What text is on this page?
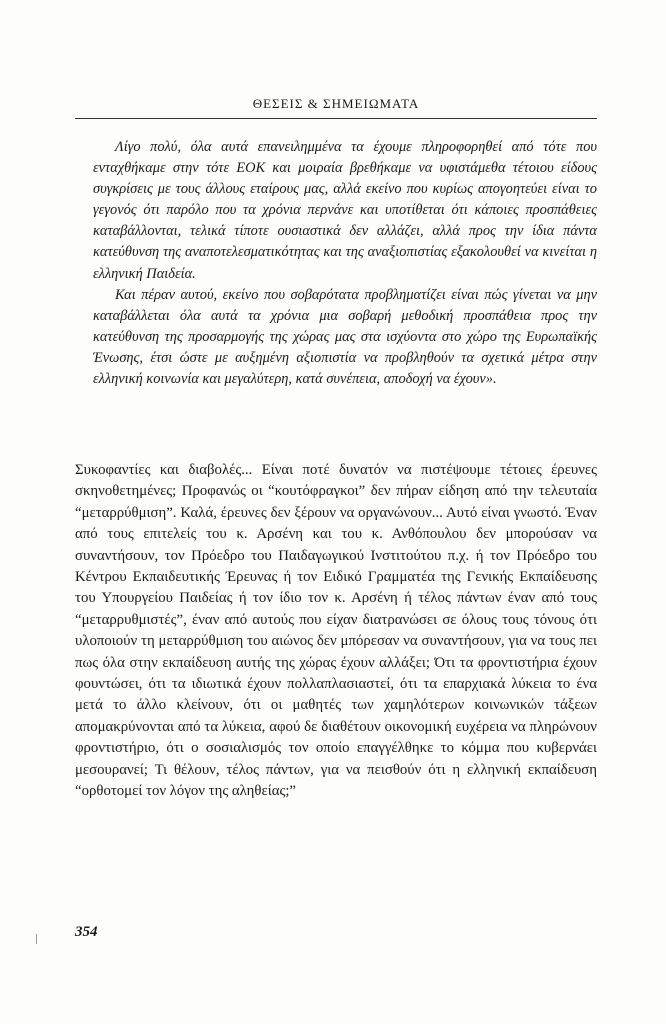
ΘΕΣΕΙΣ & ΣΗΜΕΙΩΜΑΤΑ

Λίγο πολύ, όλα αυτά επανειλημμένα τα έχουμε πληροφορηθεί από τότε που ενταχθήκαμε στην τότε ΕΟΚ και μοιραία βρεθήκαμε να υφιστάμεθα τέτοιου είδους συγκρίσεις με τους άλλους εταίρους μας, αλλά εκείνο που κυρίως απογοητεύει είναι το γεγονός ότι παρόλο που τα χρόνια περνάνε και υποτίθεται ότι κάποιες προσπάθειες καταβάλλονται, τελικά τίποτε ουσιαστικά δεν αλλάζει, αλλά προς την ίδια πάντα κατεύθυνση της αναποτελεσματικότητας και της αναξιοπιστίας εξακολουθεί να κινείται η ελληνική Παιδεία.

Και πέραν αυτού, εκείνο που σοβαρότατα προβληματίζει είναι πώς γίνεται να μην καταβάλλεται όλα αυτά τα χρόνια μια σοβαρή μεθοδική προσπάθεια προς την κατεύθυνση της προσαρμογής της χώρας μας στα ισχύοντα στο χώρο της Ευρωπαϊκής Ένωσης, έτσι ώστε με αυξημένη αξιοπιστία να προβληθούν τα σχετικά μέτρα στην ελληνική κοινωνία και μεγαλύτερη, κατά συνέπεια, αποδοχή να έχουν».

Συκοφαντίες και διαβολές... Είναι ποτέ δυνατόν να πιστέψουμε τέτοιες έρευνες σκηνοθετημένες; Προφανώς οι “κουτόφραγκοι” δεν πήραν είδηση από την τελευταία “μεταρρύθμιση”. Καλά, έρευνες δεν ξέρουν να οργανώνουν... Αυτό είναι γνωστό. Έναν από τους επιτελείς του κ. Αρσένη και του κ. Ανθόπουλου δεν μπορούσαν να συναντήσουν, τον Πρόεδρο του Παιδαγωγικού Ινστιτούτου π.χ. ή τον Πρόεδρο του Κέντρου Εκπαιδευτικής Έρευνας ή τον Ειδικό Γραμματέα της Γενικής Εκπαίδευσης του Υπουργείου Παιδείας ή τον ίδιο τον κ. Αρσένη ή τέλος πάντων έναν από τους “μεταρρυθμιστές”, έναν από αυτούς που είχαν διατρανώσει σε όλους τους τόνους ότι υλοποιούν τη μεταρρύθμιση του αιώνος δεν μπόρεσαν να συναντήσουν, για να τους πει πως όλα στην εκπαίδευση αυτής της χώρας έχουν αλλάξει; Ότι τα φροντιστήρια έχουν φουντώσει, ότι τα ιδιωτικά έχουν πολλαπλασιαστεί, ότι τα επαρχιακά λύκεια το ένα μετά το άλλο κλείνουν, ότι οι μαθητές των χαμηλότερων κοινωνικών τάξεων απομακρύνονται από τα λύκεια, αφού δε διαθέτουν οικονομική ευχέρεια να πληρώνουν φροντιστήριο, ότι ο σοσιαλισμός τον οποίο επαγγέλθηκε το κόμμα που κυβερνάει μεσουρανεί; Τι θέλουν, τέλος πάντων, για να πεισθούν ότι η ελληνική εκπαίδευση “ορθοτομεί τον λόγον της αληθείας;”

354
